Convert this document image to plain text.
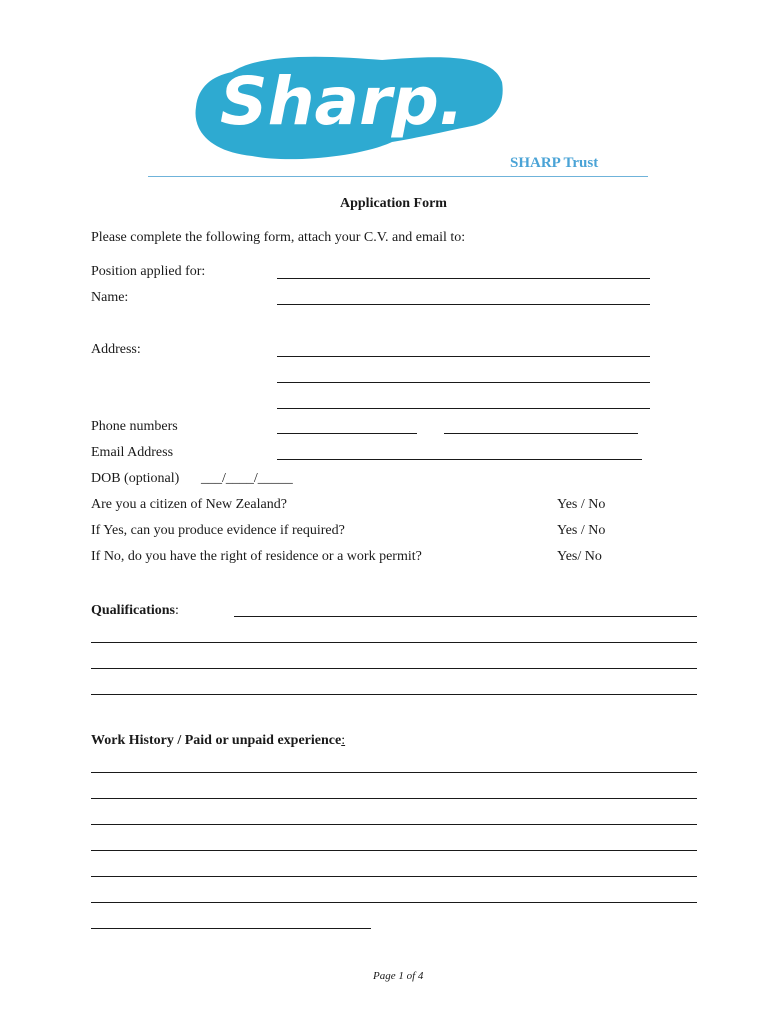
Sharp.
SHARP Trust
Application Form
Please complete the following form, attach your C.V. and email to:
Position applied for:
Name:
Address:
Phone numbers
Email Address
DOB (optional) ___/____/_____
Are you a citizen of New Zealand?	Yes / No
If Yes, can you produce evidence if required?	Yes / No
If No, do you have the right of residence or a work permit?	Yes/ No
Qualifications:
Work History / Paid or unpaid experience:
Page 1 of 4
